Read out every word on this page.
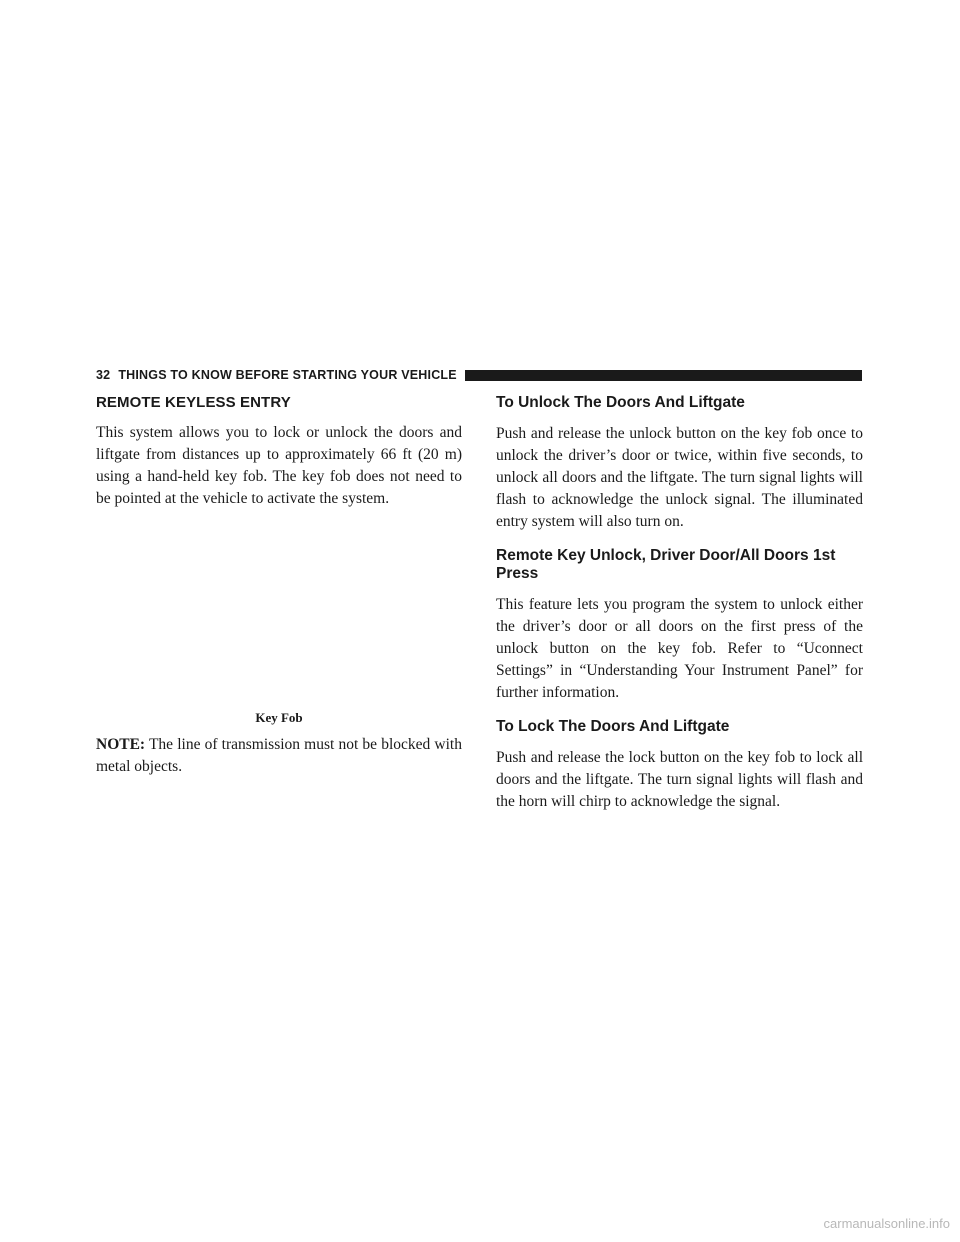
32 THINGS TO KNOW BEFORE STARTING YOUR VEHICLE
REMOTE KEYLESS ENTRY

This system allows you to lock or unlock the doors and liftgate from distances up to approximately 66 ft (20 m) using a hand-held key fob. The key fob does not need to be pointed at the vehicle to activate the system.

Key Fob

NOTE: The line of transmission must not be blocked with metal objects.

To Unlock The Doors And Liftgate

Push and release the unlock button on the key fob once to unlock the driver’s door or twice, within five seconds, to unlock all doors and the liftgate. The turn signal lights will flash to acknowledge the unlock signal. The illuminated entry system will also turn on.

Remote Key Unlock, Driver Door/All Doors 1st Press

This feature lets you program the system to unlock either the driver’s door or all doors on the first press of the unlock button on the key fob. Refer to “Uconnect Settings” in “Understanding Your Instrument Panel” for further information.

To Lock The Doors And Liftgate

Push and release the lock button on the key fob to lock all doors and the liftgate. The turn signal lights will flash and the horn will chirp to acknowledge the signal.

carmanualsonline.info
